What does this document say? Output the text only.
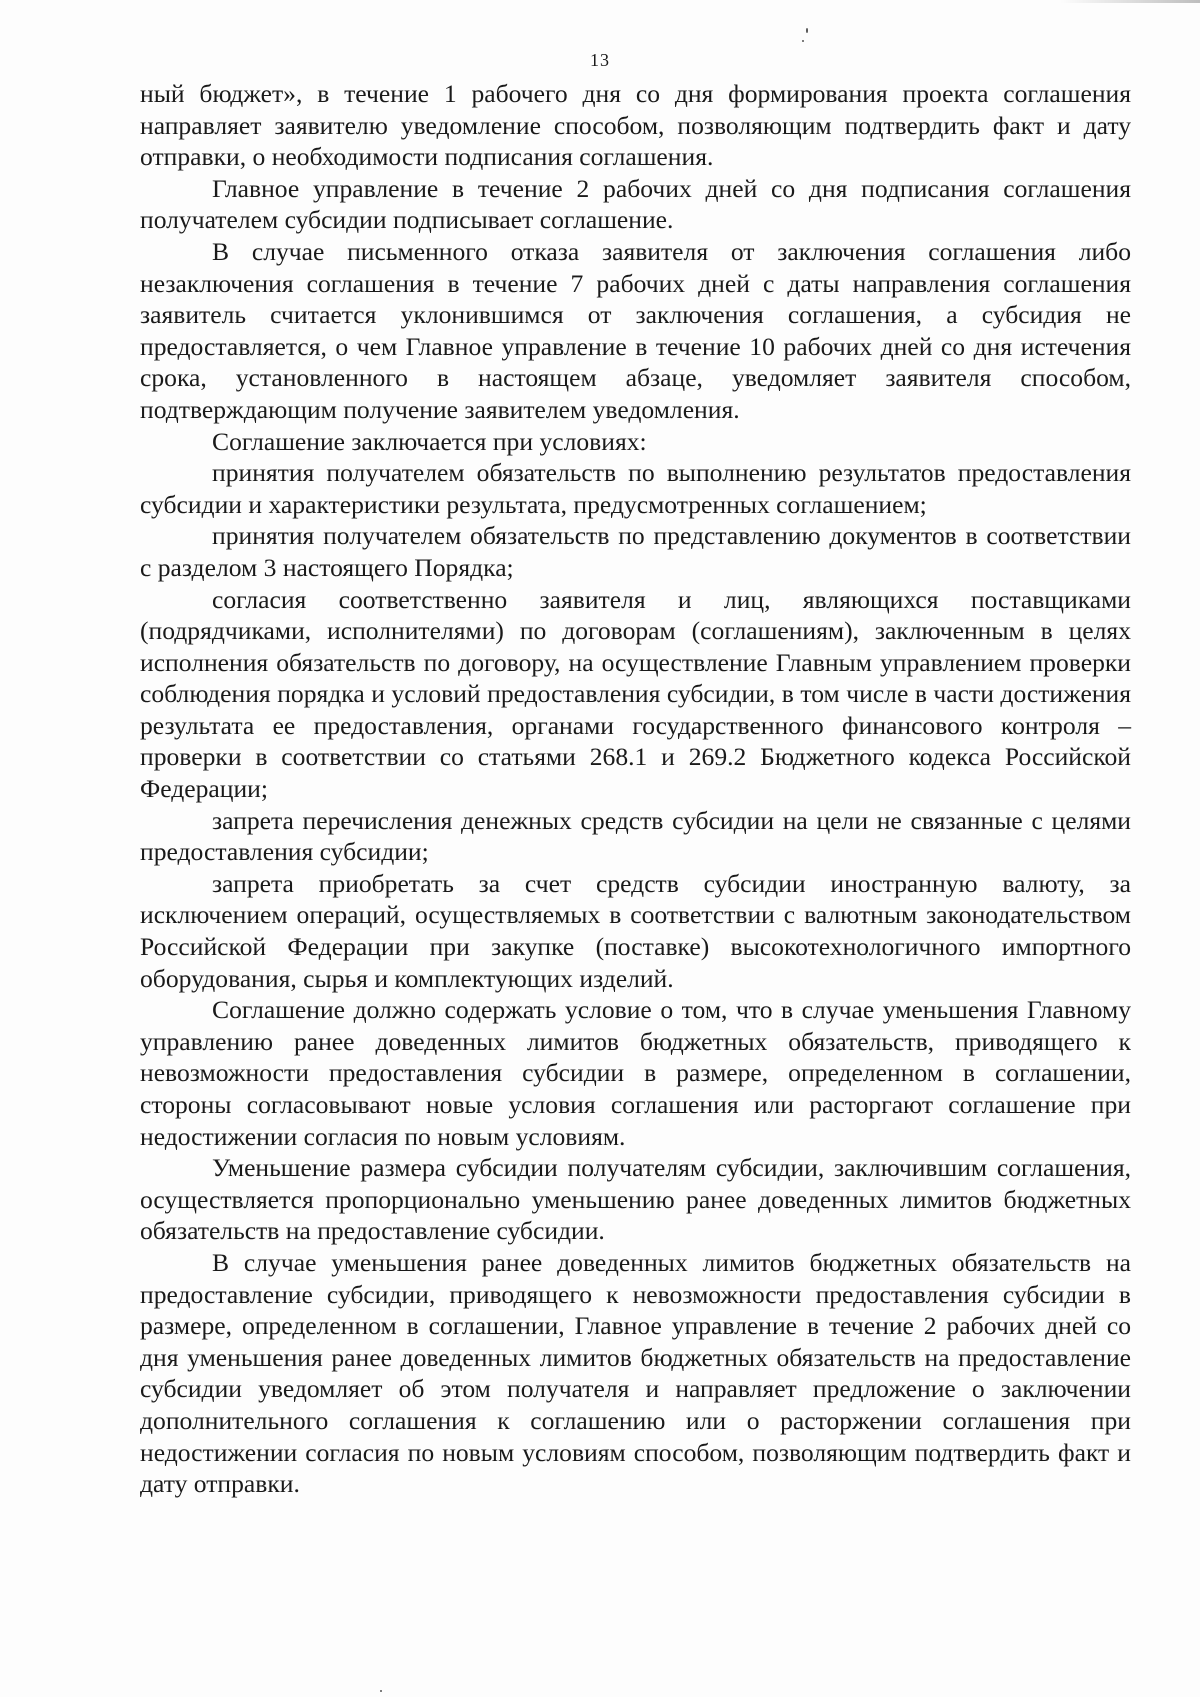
13

ный бюджет», в течение 1 рабочего дня со дня формирования проекта соглашения направляет заявителю уведомление способом, позволяющим подтвердить факт и дату отправки, о необходимости подписания соглашения.

Главное управление в течение 2 рабочих дней со дня подписания соглашения получателем субсидии подписывает соглашение.

В случае письменного отказа заявителя от заключения соглашения либо незаключения соглашения в течение 7 рабочих дней с даты направления соглашения заявитель считается уклонившимся от заключения соглашения, а субсидия не предоставляется, о чем Главное управление в течение 10 рабочих дней со дня истечения срока, установленного в настоящем абзаце, уведомляет заявителя способом, подтверждающим получение заявителем уведомления.

Соглашение заключается при условиях:

принятия получателем обязательств по выполнению результатов предоставления субсидии и характеристики результата, предусмотренных соглашением;

принятия получателем обязательств по представлению документов в соответствии с разделом 3 настоящего Порядка;

согласия соответственно заявителя и лиц, являющихся поставщиками (подрядчиками, исполнителями) по договорам (соглашениям), заключенным в целях исполнения обязательств по договору, на осуществление Главным управлением проверки соблюдения порядка и условий предоставления субсидии, в том числе в части достижения результата ее предоставления, органами государственного финансового контроля – проверки в соответствии со статьями 268.1 и 269.2 Бюджетного кодекса Российской Федерации;

запрета перечисления денежных средств субсидии на цели не связанные с целями предоставления субсидии;

запрета приобретать за счет средств субсидии иностранную валюту, за исключением операций, осуществляемых в соответствии с валютным законодательством Российской Федерации при закупке (поставке) высокотехнологичного импортного оборудования, сырья и комплектующих изделий.

Соглашение должно содержать условие о том, что в случае уменьшения Главному управлению ранее доведенных лимитов бюджетных обязательств, приводящего к невозможности предоставления субсидии в размере, определенном в соглашении, стороны согласовывают новые условия соглашения или расторгают соглашение при недостижении согласия по новым условиям.

Уменьшение размера субсидии получателям субсидии, заключившим соглашения, осуществляется пропорционально уменьшению ранее доведенных лимитов бюджетных обязательств на предоставление субсидии.

В случае уменьшения ранее доведенных лимитов бюджетных обязательств на предоставление субсидии, приводящего к невозможности предоставления субсидии в размере, определенном в соглашении, Главное управление в течение 2 рабочих дней со дня уменьшения ранее доведенных лимитов бюджетных обязательств на предоставление субсидии уведомляет об этом получателя и направляет предложение о заключении дополнительного соглашения к соглашению или о расторжении соглашения при недостижении согласия по новым условиям способом, позволяющим подтвердить факт и дату отправки.
